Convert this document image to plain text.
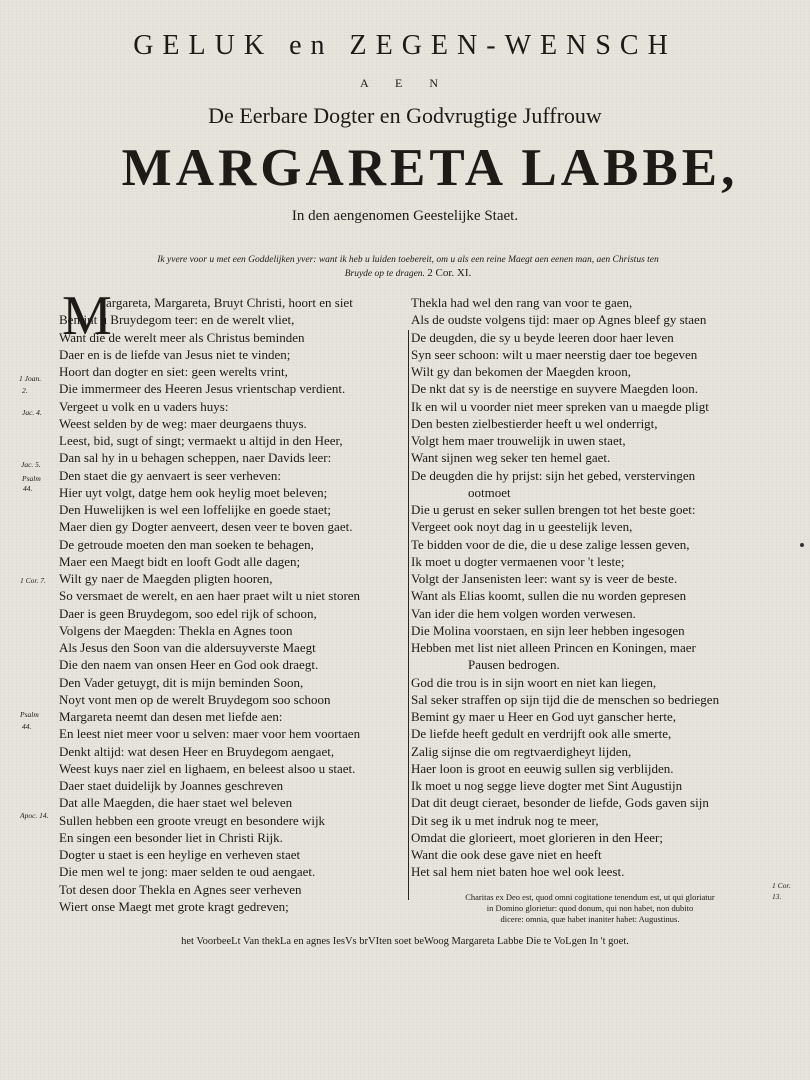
GELUK en ZEGEN-WENSCH
A E N
De Eerbare Dogter en Godvrugtige Juffrouw
MARGARETA LABBE,
In den aengenomen Geestelijke Staet.
Ik yvere voor u met een Goddelijken yver: want ik heb u luiden toebereit, om u als een reine Maegt aen eenen man, aen Christus ten
Bruyde op te dragen. 2 Cor. XI.
M
argareta, Margareta, Bruyt Christi, hoort en siet
Bemint u Bruydegom teer: en de werelt vliet,
Want die de werelt meer als Christus beminden
Daer en is de liefde van Jesus niet te vinden;
Hoort dan dogter en siet: geen werelts vrint,
Die immermeer des Heeren Jesus vrientschap verdient.
Vergeet u volk en u vaders huys:
Weest selden by de weg: maer deurgaens thuys.
Leest, bid, sugt of singt; vermaekt u altijd in den Heer,
Dan sal hy in u behagen scheppen, naer Davids leer:
Den staet die gy aenvaert is seer verheven:
Hier uyt volgt, datge hem ook heylig moet beleven;
Den Huwelijken is wel een loffelijke en goede staet;
Maer dien gy Dogter aenveert, desen veer te boven gaet.
De getroude moeten den man soeken te behagen,
Maer een Maegt bidt en looft Godt alle dagen;
Wilt gy naer de Maegden pligten hooren,
So versmaet de werelt, en aen haer praet wilt u niet storen
Daer is geen Bruydegom, soo edel rijk of schoon,
Volgens der Maegden: Thekla en Agnes toon
Als Jesus den Soon van die aldersuyverste Maegt
Die den naem van onsen Heer en God ook draegt.
Den Vader getuygt, dit is mijn beminden Soon,
Noyt vont men op de werelt Bruydegom soo schoon
Margareta neemt dan desen met liefde aen:
En leest niet meer voor u selven: maer voor hem voortaen
Denkt altijd: wat desen Heer en Bruydegom aengaet,
Weest kuys naer ziel en lighaem, en beleest alsoo u staet.
Daer staet duidelijk by Joannes geschreven
Dat alle Maegden, die haer staet wel beleven
Sullen hebben een groote vreugt en besondere wijk
En singen een besonder liet in Christi Rijk.
Dogter u staet is een heylige en verheven staet
Die men wel te jong: maer selden te oud aengaet.
Tot desen door Thekla en Agnes seer verheven
Wiert onse Maegt met grote kragt gedreven;
Thekla had wel den rang van voor te gaen,
Als de oudste volgens tijd: maer op Agnes bleef gy staen
De deugden, die sy u beyde leeren door haer leven
Syn seer schoon: wilt u maer neerstig daer toe begeven
Wilt gy dan bekomen der Maegden kroon,
De nkt dat sy is de neerstige en suyvere Maegden loon.
Ik en wil u voorder niet meer spreken van u maegde pligt
Den besten zielbestierder heeft u wel onderrigt,
Volgt hem maer trouwelijk in uwen staet,
Want sijnen weg seker ten hemel gaet.
De deugden die hy prijst: sijn het gebed, verstervingen
ootmoet
Die u gerust en seker sullen brengen tot het beste goet:
Vergeet ook noyt dag in u geestelijk leven,
Te bidden voor de die, die u dese zalige lessen geven,
Ik moet u dogter vermaenen voor 't leste;
Volgt der Jansenisten leer: want sy is veer de beste.
Want als Elias koomt, sullen die nu worden gepresen
Van ider die hem volgen worden verwesen.
Die Molina voorstaen, en sijn leer hebben ingesogen
Hebben met list niet alleen Princen en Koningen, maer
Pausen bedrogen.
God die trou is in sijn woort en niet kan liegen,
Sal seker straffen op sijn tijd die de menschen so bedriegen
Bemint gy maer u Heer en God uyt ganscher herte,
De liefde heeft gedult en verdrijft ook alle smerte,
Zalig sijnse die om regtvaerdigheyt lijden,
Haer loon is groot en eeuwig sullen sig verblijden.
Ik moet u nog segge lieve dogter met Sint Augustijn
Dat dit deugt cieraet, besonder de liefde, Gods gaven sijn
Dit seg ik u met indruk nog te meer,
Omdat die glorieert, moet glorieren in den Heer;
Want die ook dese gave niet en heeft
Het sal hem niet baten hoe wel ook leest.
1 Joan.
2.
Jac. 4.
Jac. 5.
Psalm
44.
1 Cor. 7.
Psalm
44.
Apoc. 14.
1 Cor.
13.
Charitas ex Deo est, quod omni cogitatione tenendum est, ut qui gloriatur
in Domino glorietur: quod donum, qui non habet, non dubito
dicere: omnia, quæ habet inaniter habet: Augustinus.
het VoorbeeLt Van thekLa en agnes IesVs brVIten soet beWoog Margareta Labbe Die te VoLgen In 't goet.
